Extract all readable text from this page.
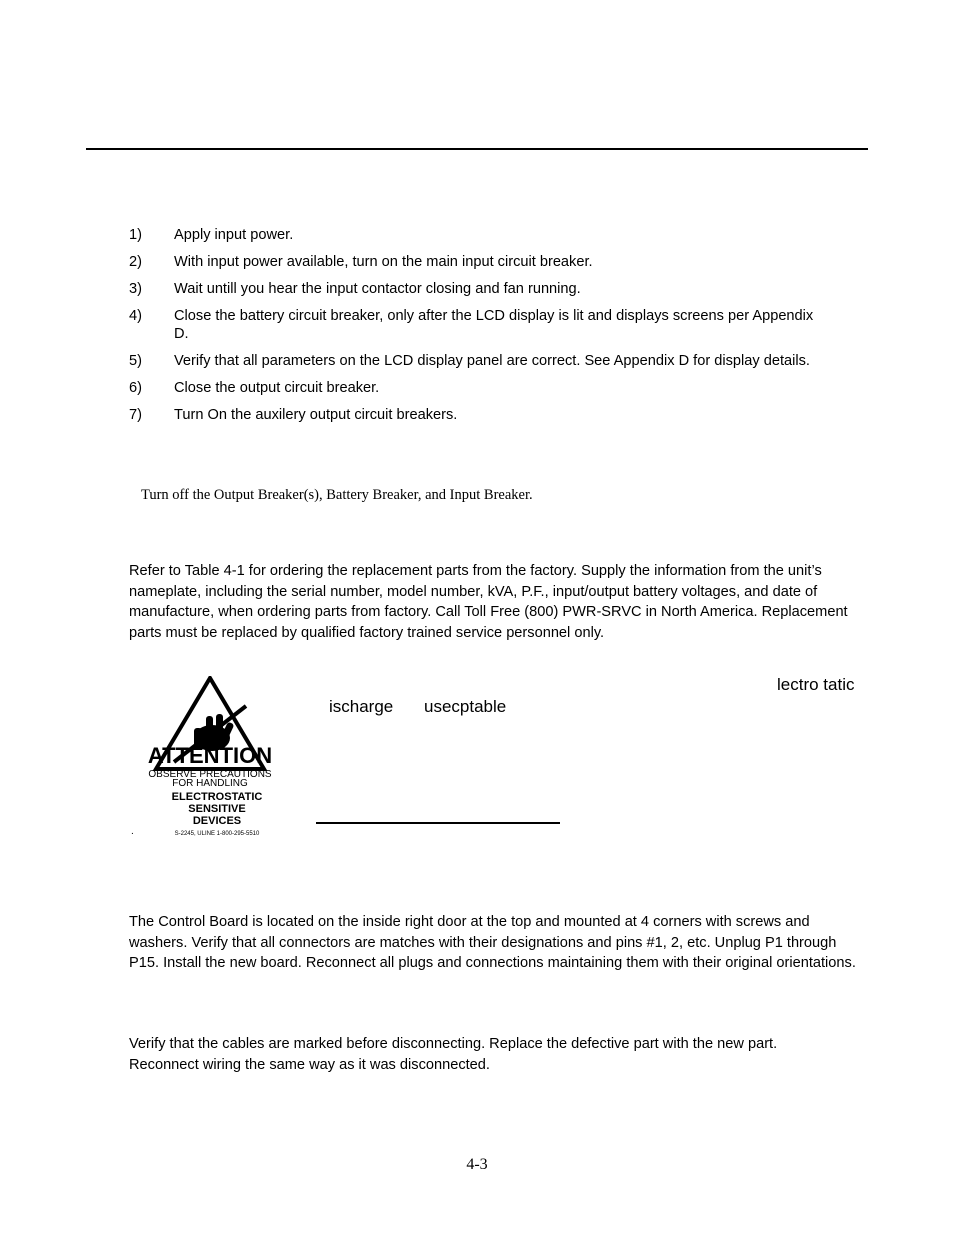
1) Apply input power.
2) With input power available, turn on the main input circuit breaker.
3) Wait untill you hear the input contactor closing and fan running.
4) Close the battery circuit breaker, only after the LCD display is lit and displays screens per Appendix D.
5) Verify that all parameters on the LCD display panel are correct. See Appendix D for display details.
6) Close the output circuit breaker.
7) Turn On the auxilery output circuit breakers.
Turn off the Output Breaker(s), Battery Breaker, and Input Breaker.
Refer to Table 4-1 for ordering the replacement parts from the factory. Supply the information from the unit’s nameplate, including the serial number, model number, kVA, P.F., input/output battery voltages, and date of manufacture, when ordering parts from factory. Call Toll Free (800) PWR-SRVC in North America. Replacement parts must be replaced by qualified factory trained service personnel only.
ATTENTION
OBSERVE PRECAUTIONS
FOR HANDLING
ELECTROSTATIC
SENSITIVE
DEVICES
S-2245, ULINE 1-800-295-5510
.
lectro tatic
ischarge usecptable
The Control Board is located on the inside right door at the top and mounted at 4 corners with screws and washers. Verify that all connectors are matches with their designations and pins #1, 2, etc. Unplug P1 through P15. Install the new board. Reconnect all plugs and connections maintaining them with their original orientations.
Verify that the cables are marked before disconnecting. Replace the defective part with the new part. Reconnect wiring the same way as it was disconnected.
4-3
